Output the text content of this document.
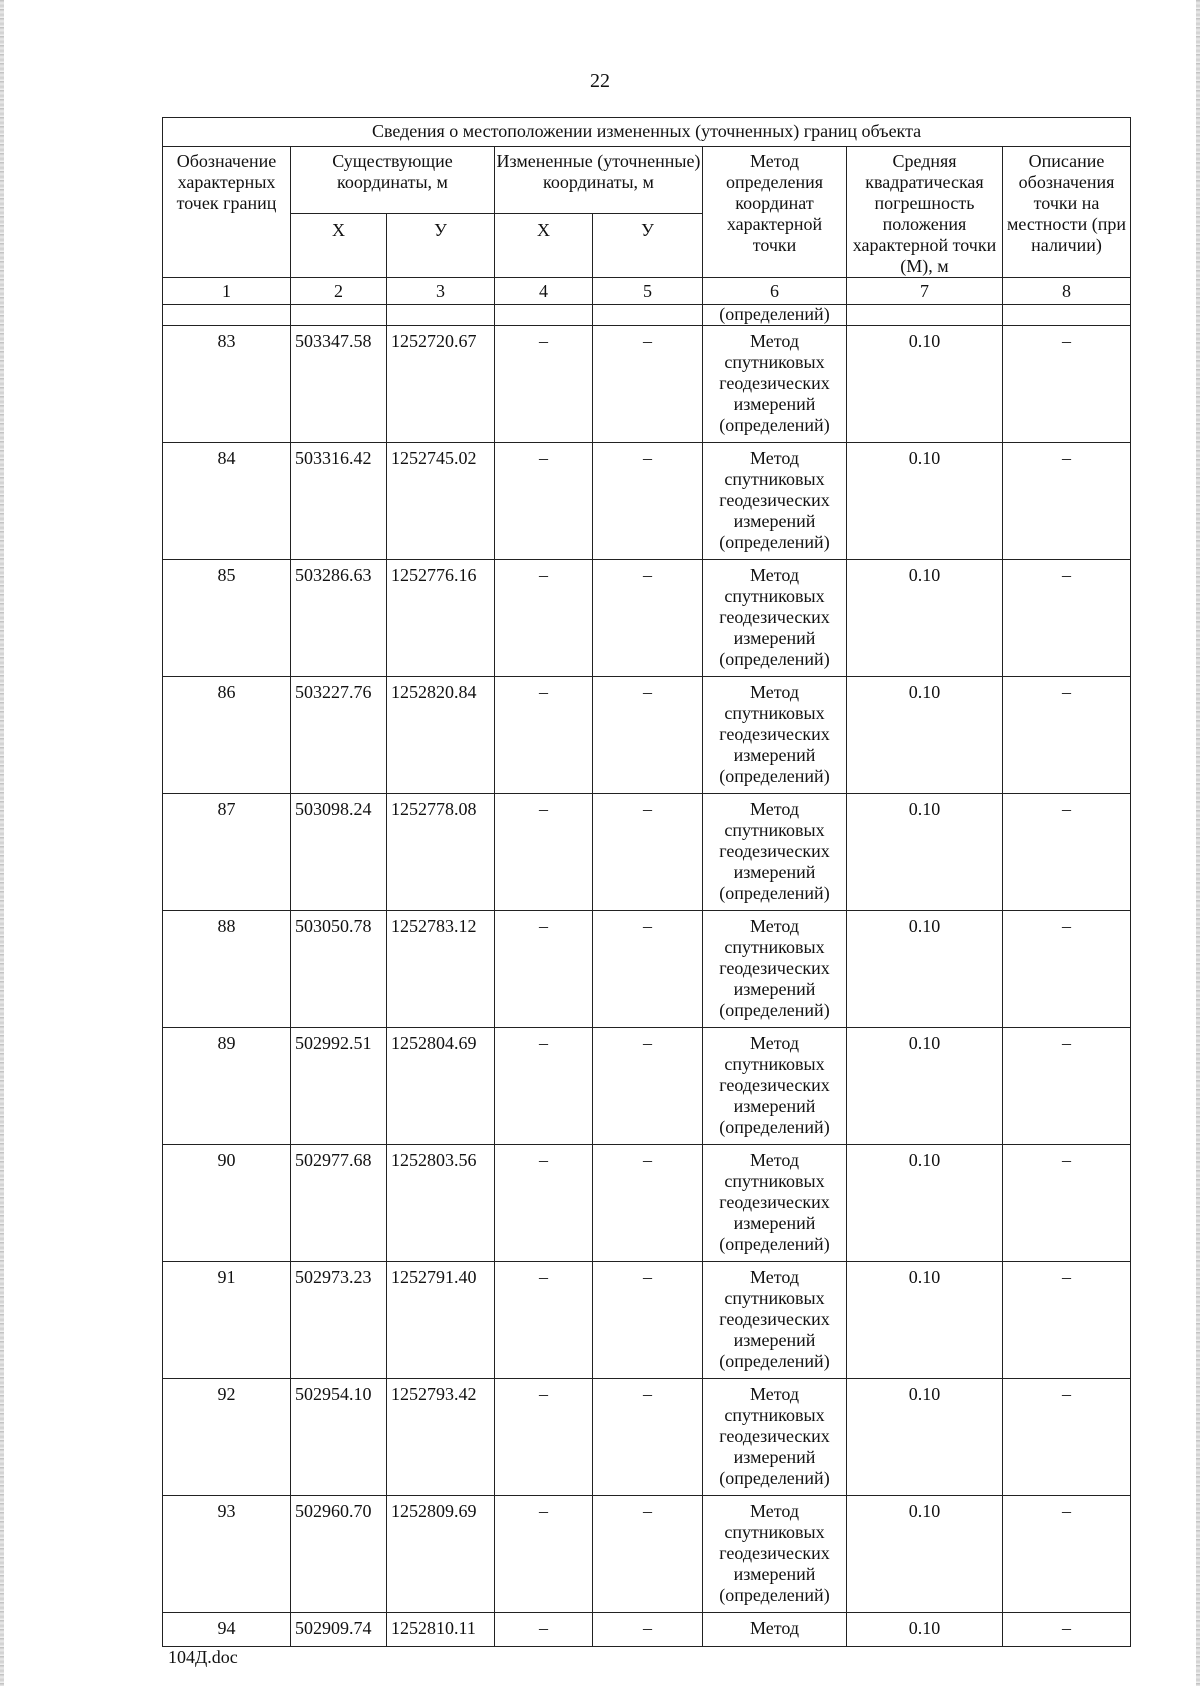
22
Сведения о местоположении измененных (уточненных) границ объекта							
Обозначение характерных точек границ	Существующие координаты, м		Измененные (уточненные) координаты, м		Метод определения координат характерной точки	Средняя квадратическая погрешность положения характерной точки (М), м	Описание обозначения точки на местности (при наличии)
	Х	У	Х	У			
1	2	3	4	5	6	7	8
					(определений)		
83	503347.58	1252720.67	–	–	Метод спутниковых геодезических измерений (определений)	0.10	–
84	503316.42	1252745.02	–	–	Метод спутниковых геодезических измерений (определений)	0.10	–
85	503286.63	1252776.16	–	–	Метод спутниковых геодезических измерений (определений)	0.10	–
86	503227.76	1252820.84	–	–	Метод спутниковых геодезических измерений (определений)	0.10	–
87	503098.24	1252778.08	–	–	Метод спутниковых геодезических измерений (определений)	0.10	–
88	503050.78	1252783.12	–	–	Метод спутниковых геодезических измерений (определений)	0.10	–
89	502992.51	1252804.69	–	–	Метод спутниковых геодезических измерений (определений)	0.10	–
90	502977.68	1252803.56	–	–	Метод спутниковых геодезических измерений (определений)	0.10	–
91	502973.23	1252791.40	–	–	Метод спутниковых геодезических измерений (определений)	0.10	–
92	502954.10	1252793.42	–	–	Метод спутниковых геодезических измерений (определений)	0.10	–
93	502960.70	1252809.69	–	–	Метод спутниковых геодезических измерений (определений)	0.10	–
94	502909.74	1252810.11	–	–	Метод	0.10	–
104Д.doc
